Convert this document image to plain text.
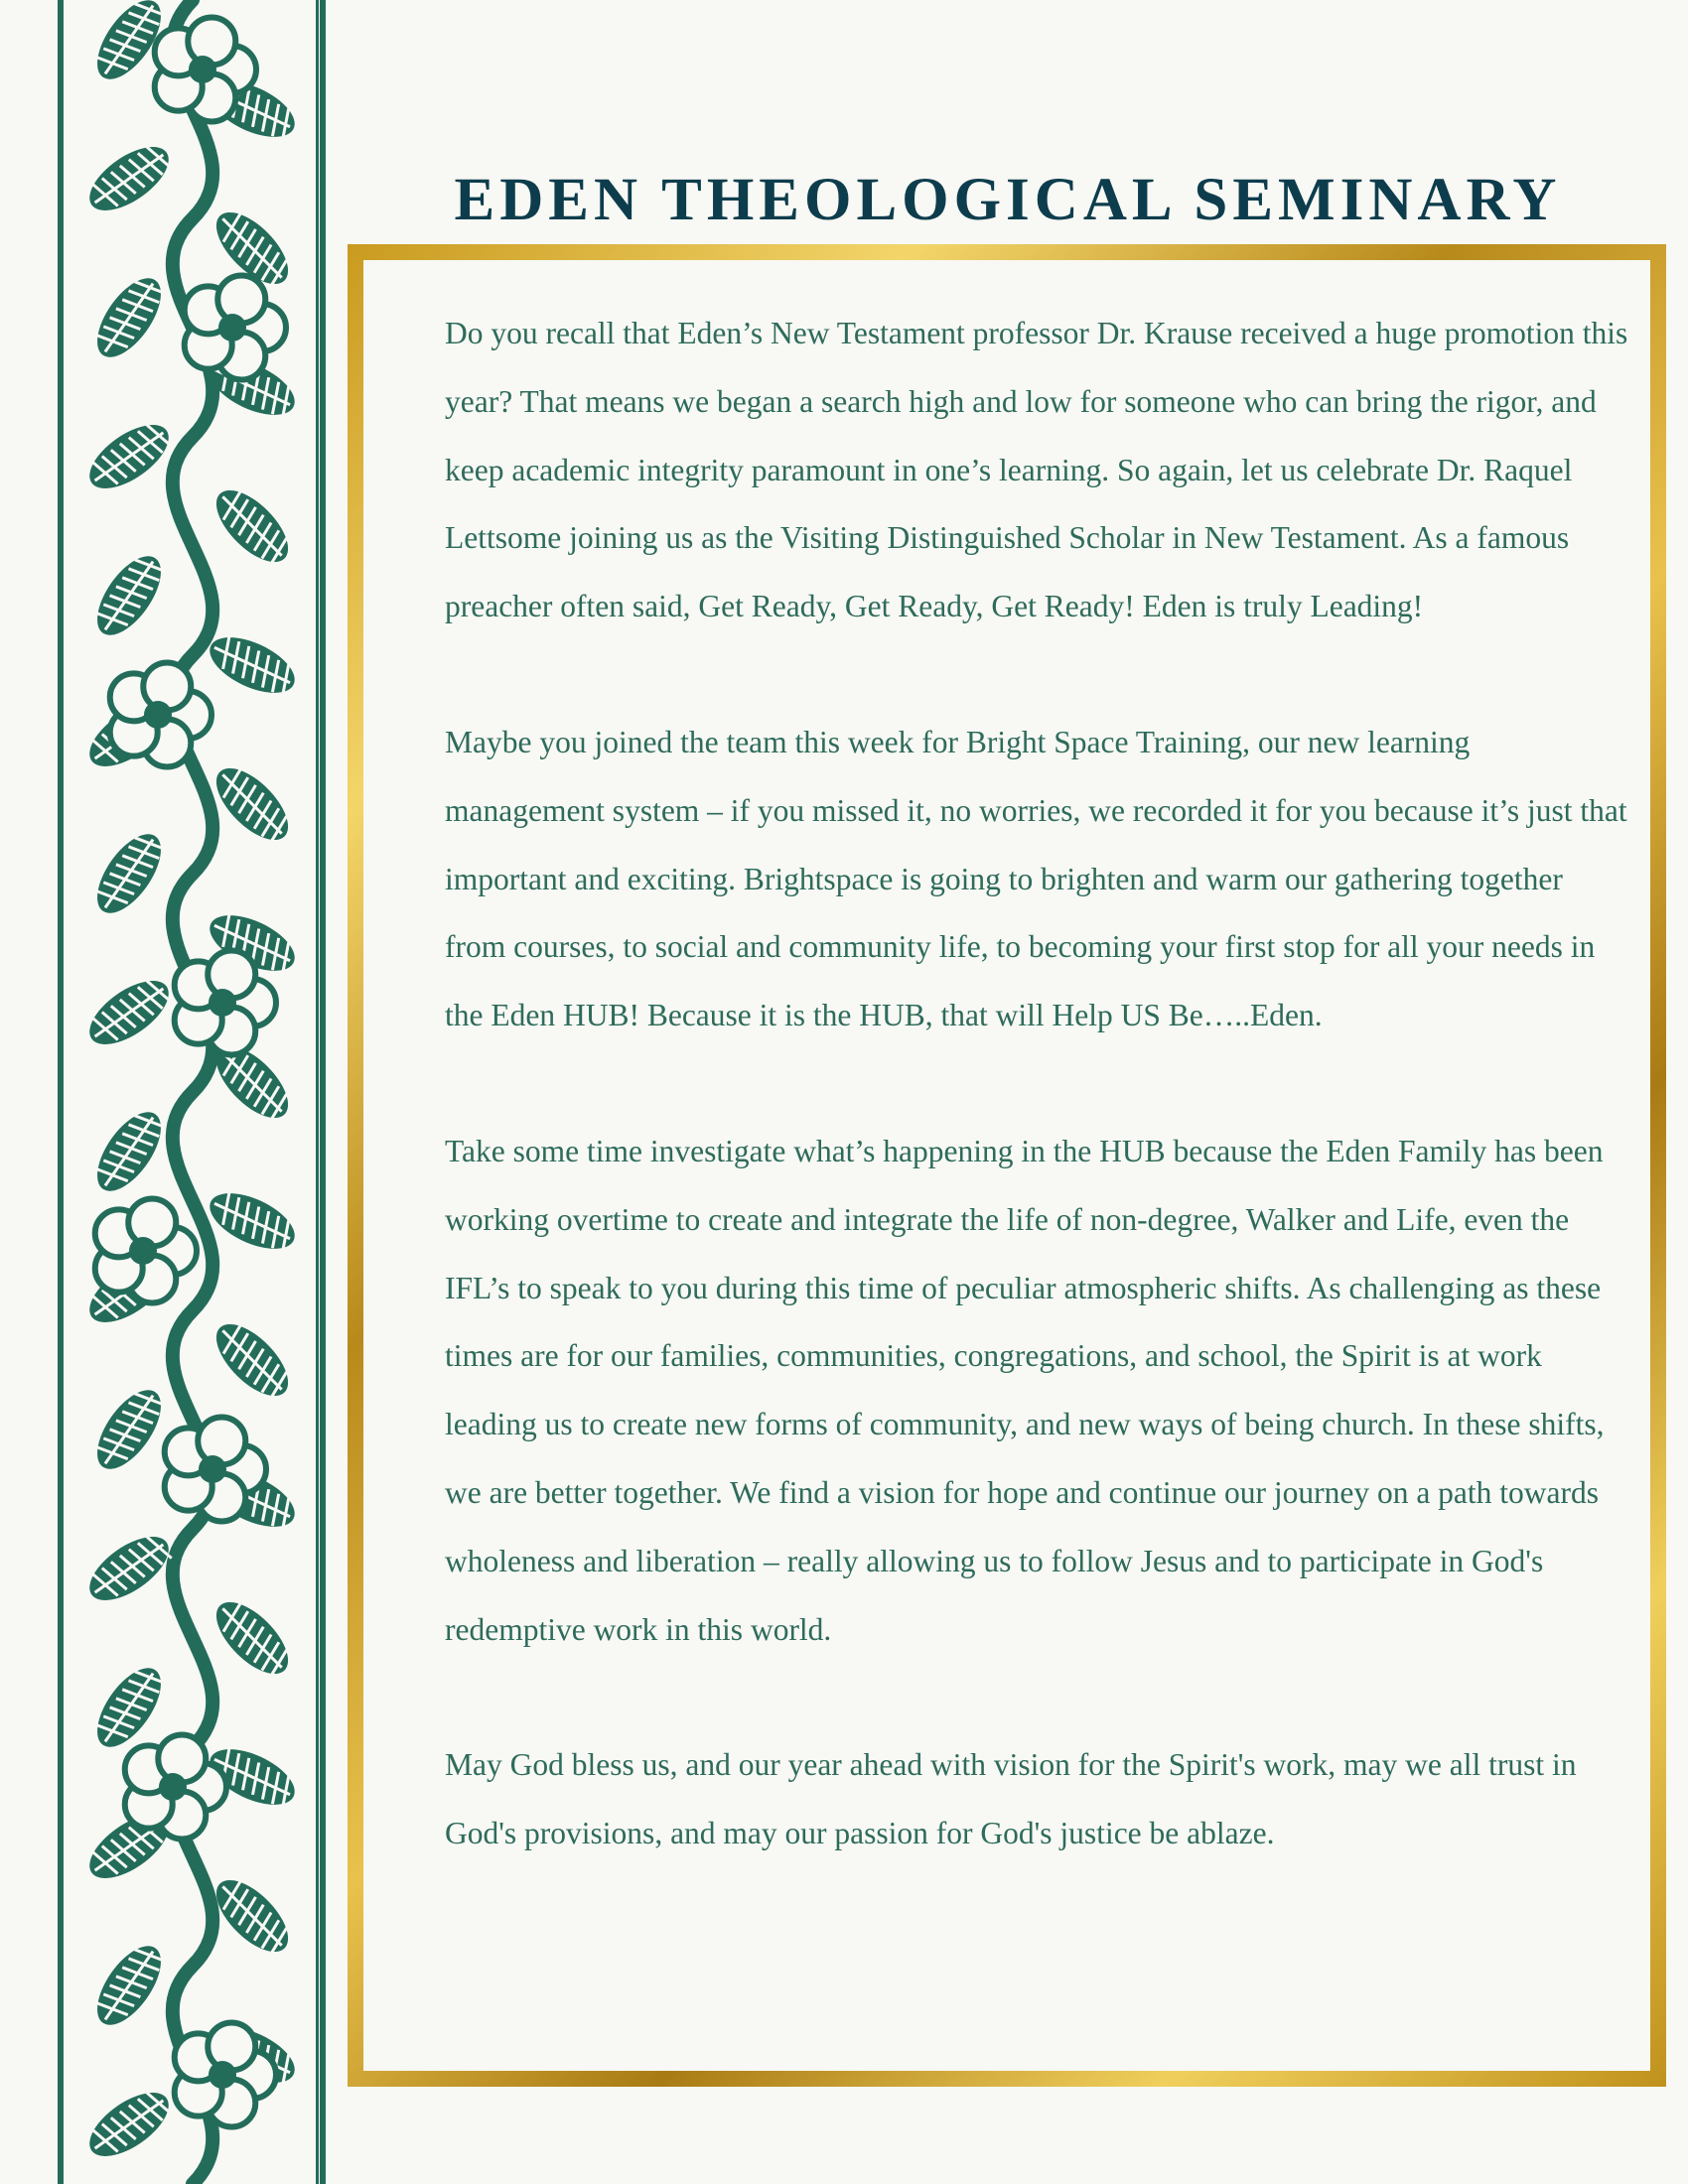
EDEN THEOLOGICAL SEMINARY

Do you recall that Eden’s New Testament professor Dr. Krause received a huge promotion this year? That means we began a search high and low for someone who can bring the rigor, and keep academic integrity paramount in one’s learning. So again, let us celebrate Dr. Raquel Lettsome joining us as the Visiting Distinguished Scholar in New Testament. As a famous preacher often said, Get Ready, Get Ready, Get Ready! Eden is truly Leading!

Maybe you joined the team this week for Bright Space Training, our new learning management system – if you missed it, no worries, we recorded it for you because it’s just that important and exciting. Brightspace is going to brighten and warm our gathering together from courses, to social and community life, to becoming your first stop for all your needs in the Eden HUB! Because it is the HUB, that will Help US Be…..Eden.

Take some time investigate what’s happening in the HUB because the Eden Family has been working overtime to create and integrate the life of non-degree, Walker and Life, even the IFL’s to speak to you during this time of peculiar atmospheric shifts. As challenging as these times are for our families, communities, congregations, and school, the Spirit is at work leading us to create new forms of community, and new ways of being church. In these shifts, we are better together. We find a vision for hope and continue our journey on a path towards wholeness and liberation – really allowing us to follow Jesus and to participate in God's redemptive work in this world.

May God bless us, and our year ahead with vision for the Spirit's work, may we all trust in God's provisions, and may our passion for God's justice be ablaze.
